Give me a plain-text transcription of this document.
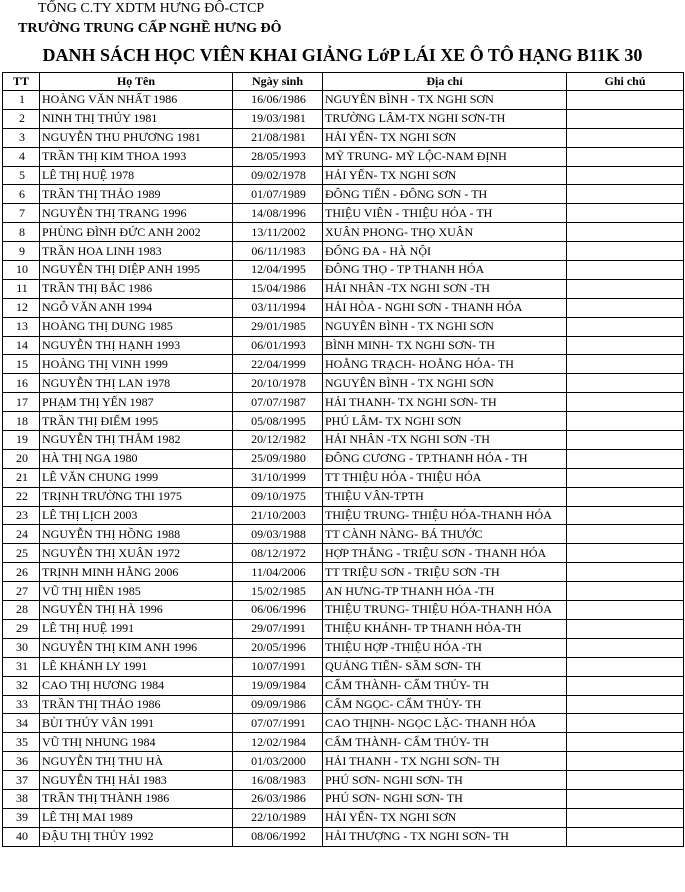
TỔNG C.TY XDTM HƯNG ĐÔ-CTCP
TRƯỜNG TRUNG CẤP NGHỀ HƯNG ĐÔ
DANH SÁCH HỌC VIÊN KHAI GIẢNG LớP LÁI XE Ô TÔ HẠNG B11K 30
TT	Họ Tên	Ngày sinh	Địa chỉ	Ghi chú
1	HOÀNG VĂN NHẤT 1986	16/06/1986	NGUYÊN BÌNH - TX NGHI SƠN	
2	NINH THỊ THÚY 1981	19/03/1981	TRƯỜNG LÂM-TX NGHI SƠN-TH	
3	NGUYỄN THU PHƯƠNG 1981	21/08/1981	HẢI YẾN- TX NGHI SƠN	
4	TRẦN THỊ KIM THOA 1993	28/05/1993	MỸ TRUNG- MỸ LỘC-NAM ĐỊNH	
5	LÊ THỊ HUỆ 1978	09/02/1978	HẢI YẾN- TX NGHI SƠN	
6	TRẦN THỊ THẢO 1989	01/07/1989	ĐÔNG TIẾN - ĐÔNG SƠN - TH	
7	NGUYỄN THỊ TRANG 1996	14/08/1996	THIỆU VIÊN - THIỆU HÓA - TH	
8	PHÙNG ĐÌNH ĐỨC ANH 2002	13/11/2002	XUÂN PHONG- THỌ XUÂN	
9	TRẦN HOA LINH 1983	06/11/1983	ĐỐNG ĐA - HÀ NỘI	
10	NGUYỄN THỊ DIỆP ANH 1995	12/04/1995	ĐÔNG THỌ - TP THANH HÓA	
11	TRẦN THỊ BẮC 1986	15/04/1986	HẢI NHÂN -TX NGHI SƠN -TH	
12	NGÔ VĂN ANH 1994	03/11/1994	HẢI HÒA - NGHI SƠN - THANH HÓA	
13	HOÀNG THỊ DUNG 1985	29/01/1985	NGUYÊN BÌNH - TX NGHI SƠN	
14	NGUYỄN THỊ HẠNH 1993	06/01/1993	BÌNH MINH- TX NGHI SƠN- TH	
15	HOÀNG THỊ VINH 1999	22/04/1999	HOẰNG TRẠCH- HOẰNG HÓA- TH	
16	NGUYỄN THỊ LAN 1978	20/10/1978	NGUYÊN BÌNH - TX NGHI SƠN	
17	PHẠM THỊ YẾN 1987	07/07/1987	HẢI THANH- TX NGHI SƠN- TH	
18	TRẦN THỊ ĐIỂM 1995	05/08/1995	PHÚ LÂM- TX NGHI SƠN	
19	NGUYỄN THỊ THẮM 1982	20/12/1982	HẢI NHÂN -TX NGHI SƠN -TH	
20	HÀ THỊ NGA 1980	25/09/1980	ĐÔNG CƯƠNG - TP.THANH HÓA - TH	
21	LÊ VĂN CHUNG 1999	31/10/1999	TT THIỆU HÓA - THIỆU HÓA	
22	TRỊNH TRƯỜNG THI 1975	09/10/1975	THIỆU VÂN-TPTH	
23	LÊ THỊ LỊCH 2003	21/10/2003	THIỆU TRUNG- THIỆU HÓA-THANH HÓA	
24	NGUYỄN THỊ HỒNG 1988	09/03/1988	TT CÀNH NÀNG- BÁ THƯỚC	
25	NGUYỄN THỊ XUÂN 1972	08/12/1972	HỢP THẮNG - TRIỆU SƠN - THANH HÓA	
26	TRỊNH MINH HẰNG 2006	11/04/2006	TT TRIỆU SƠN - TRIỆU SƠN -TH	
27	VŨ THỊ HIỀN 1985	15/02/1985	AN HƯNG-TP THANH HÓA -TH	
28	NGUYỄN THỊ HÀ 1996	06/06/1996	THIỆU TRUNG- THIỆU HÓA-THANH HÓA	
29	LÊ THỊ HUỆ 1991	29/07/1991	THIỆU KHÁNH- TP THANH HÓA-TH	
30	NGUYỄN THỊ KIM ANH 1996	20/05/1996	THIỆU HỢP -THIỆU HÓA -TH	
31	LÊ KHÁNH LY 1991	10/07/1991	QUẢNG TIẾN- SẦM SƠN- TH	
32	CAO THỊ HƯƠNG 1984	19/09/1984	CẨM THÀNH- CẨM THỦY- TH	
33	TRẦN THỊ THẢO 1986	09/09/1986	CẨM NGỌC- CẨM THỦY- TH	
34	BÙI THÚY VÂN 1991	07/07/1991	CAO THỊNH- NGỌC LẶC- THANH HÓA	
35	VŨ THỊ NHUNG 1984	12/02/1984	CẨM THÀNH- CẨM THỦY- TH	
36	NGUYỄN THỊ THU HÀ	01/03/2000	HẢI THANH - TX NGHI SƠN- TH	
37	NGUYỄN THỊ HẢI 1983	16/08/1983	PHÚ SƠN- NGHI SƠN- TH	
38	TRẦN THỊ THÀNH 1986	26/03/1986	PHÚ SƠN- NGHI SƠN- TH	
39	LÊ THỊ MAI 1989	22/10/1989	HẢI YẾN- TX NGHI SƠN	
40	ĐẬU THỊ THỦY 1992	08/06/1992	HẢI THƯỢNG - TX NGHI SƠN- TH	
